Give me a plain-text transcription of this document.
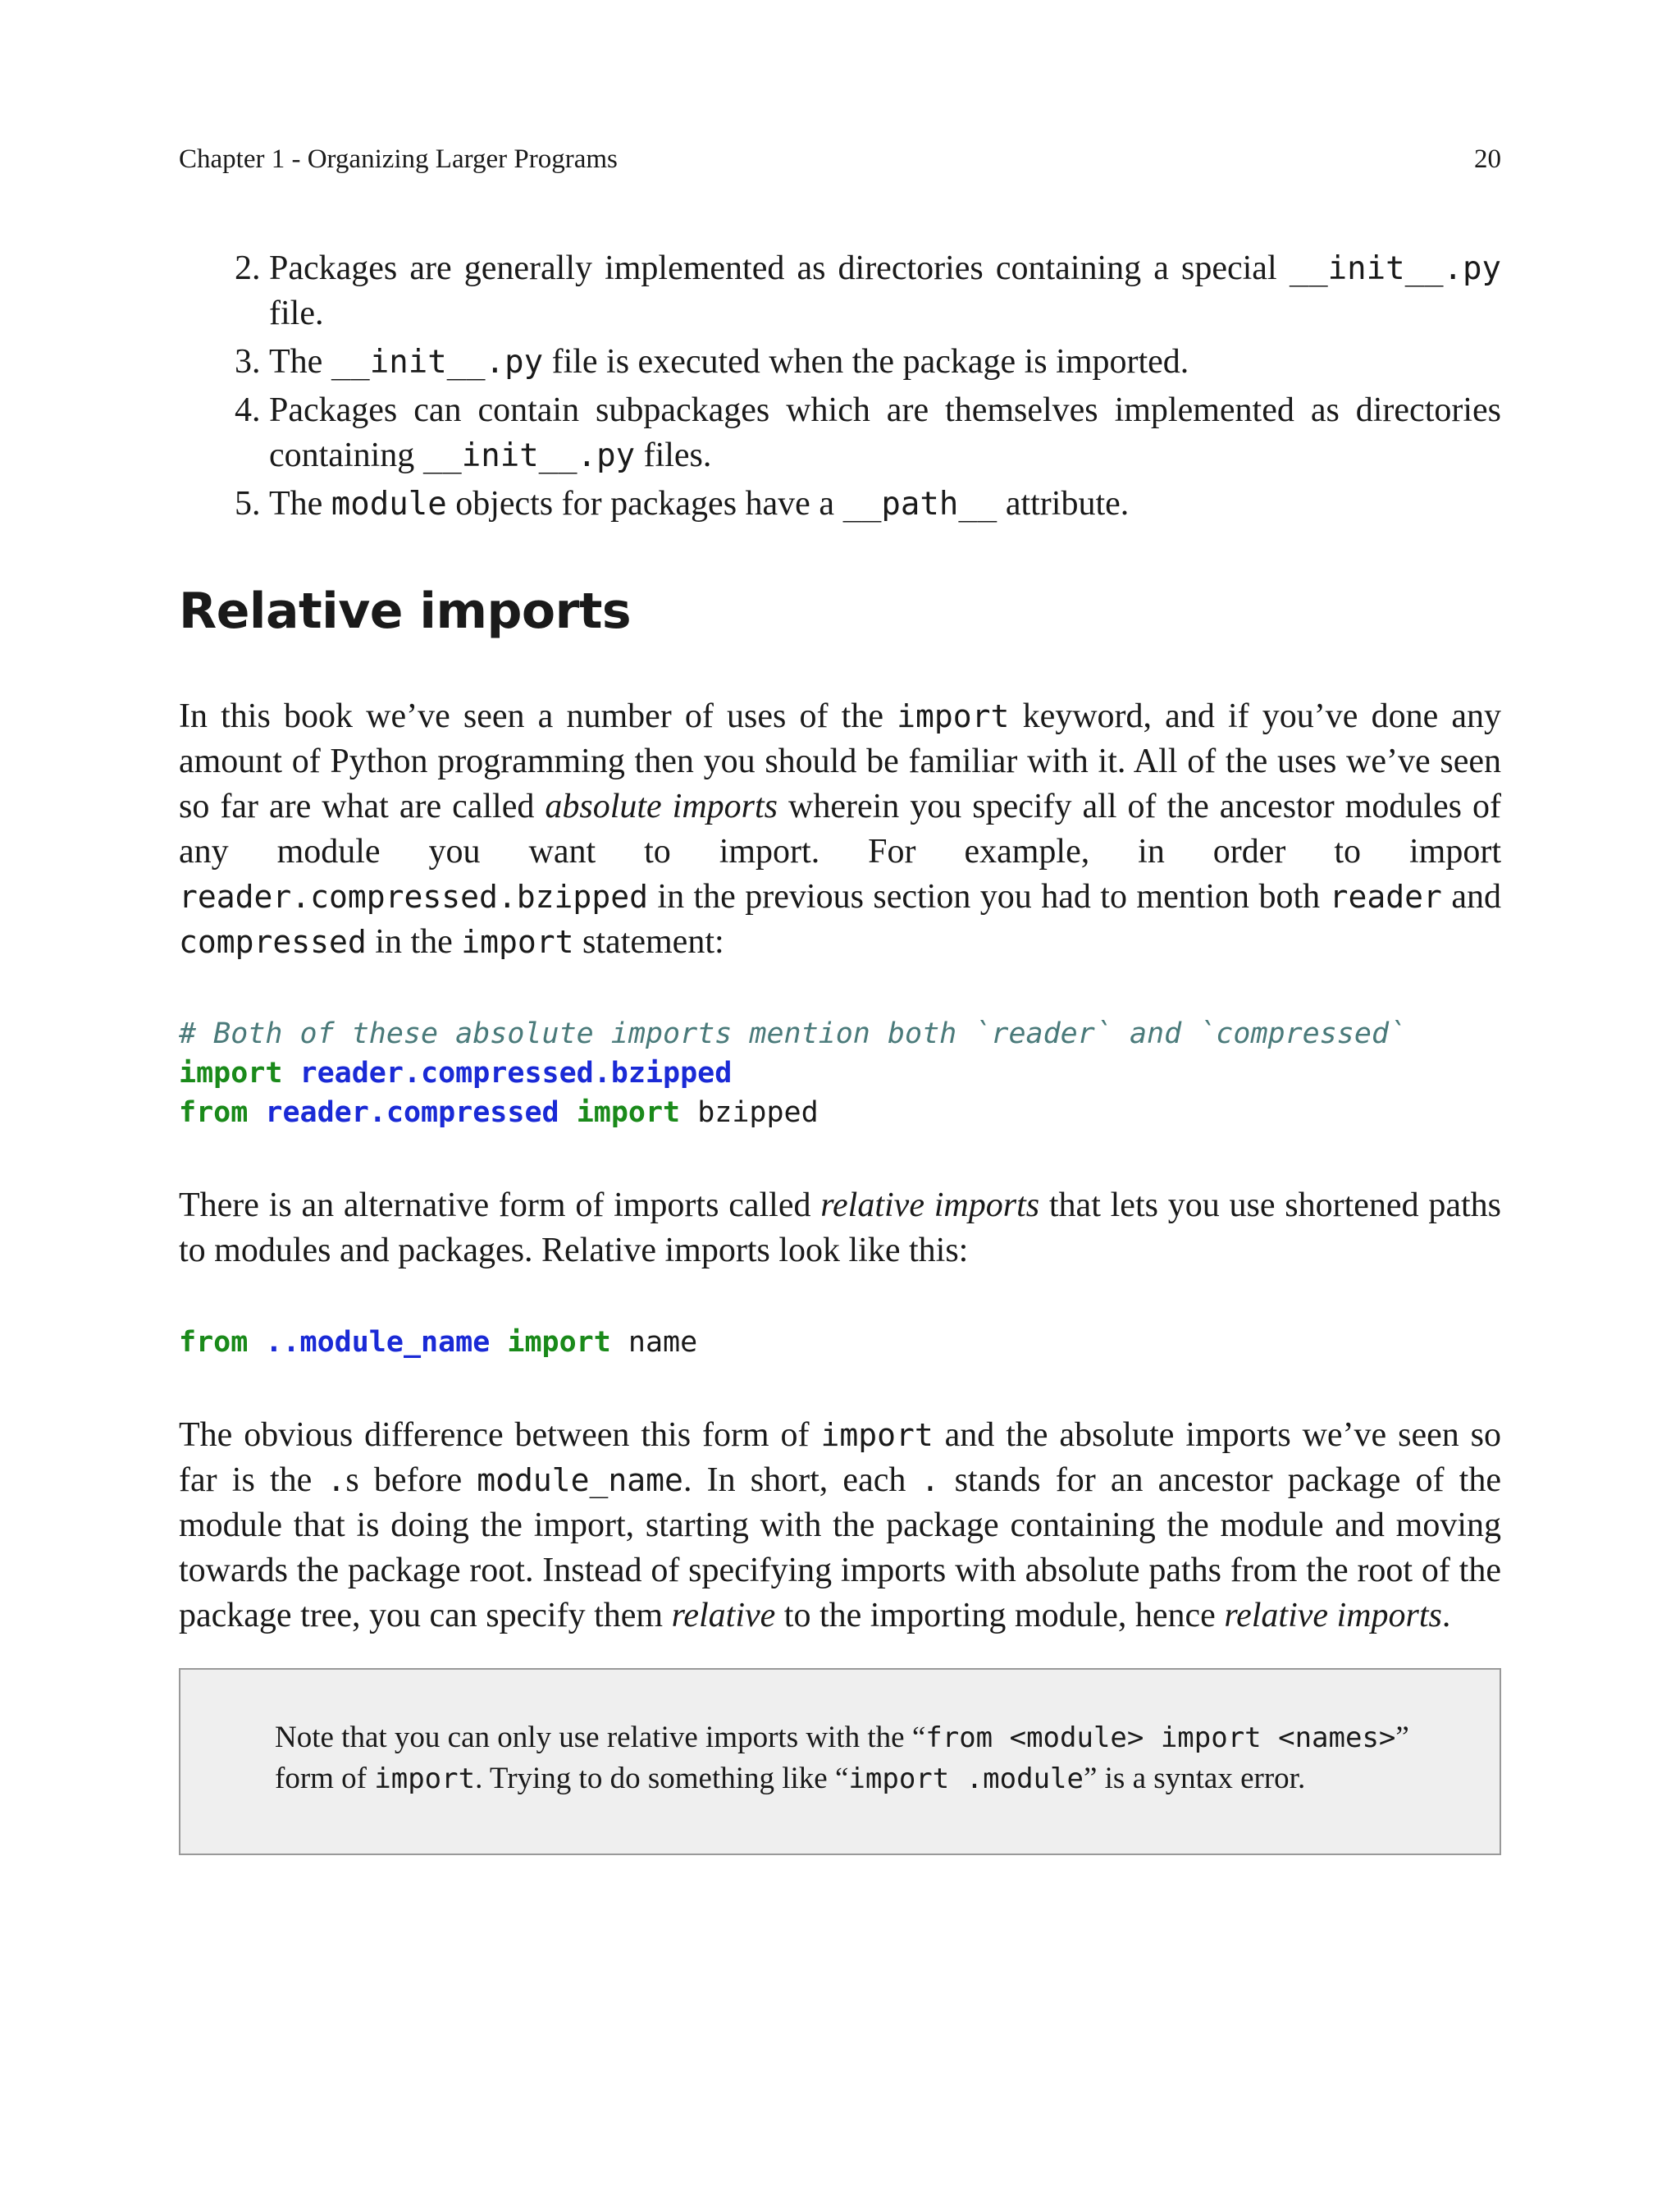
Chapter 1 - Organizing Larger Programs	20
2. Packages are generally implemented as directories containing a special __init__.py file.
3. The __init__.py file is executed when the package is imported.
4. Packages can contain subpackages which are themselves implemented as directories containing __init__.py files.
5. The module objects for packages have a __path__ attribute.
Relative imports

In this book we’ve seen a number of uses of the import keyword, and if you’ve done any amount of Python programming then you should be familiar with it. All of the uses we’ve seen so far are what are called absolute imports wherein you specify all of the ancestor modules of any module you want to import. For example, in order to import reader.compressed.bzipped in the previous section you had to mention both reader and compressed in the import statement:

# Both of these absolute imports mention both `reader` and `compressed`
import reader.compressed.bzipped
from reader.compressed import bzipped

There is an alternative form of imports called relative imports that lets you use shortened paths to modules and packages. Relative imports look like this:

from ..module_name import name

The obvious difference between this form of import and the absolute imports we’ve seen so far is the .s before module_name. In short, each . stands for an ancestor package of the module that is doing the import, starting with the package containing the module and moving towards the package root. Instead of specifying imports with absolute paths from the root of the package tree, you can specify them relative to the importing module, hence relative imports.

Note that you can only use relative imports with the “from <module> import <names>” form of import. Trying to do something like “import .module” is a syntax error.
